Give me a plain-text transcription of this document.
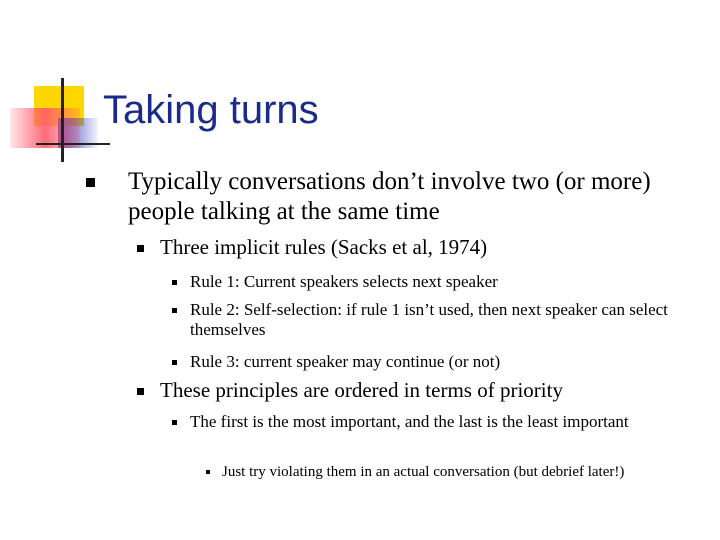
Taking turns
Typically conversations don’t involve two (or more) people talking at the same time
Three implicit rules (Sacks et al, 1974)
Rule 1: Current speakers selects next speaker
Rule 2: Self-selection: if rule 1 isn’t used, then next speaker can select themselves
Rule 3: current speaker may continue (or not)
These principles are ordered in terms of priority
The first is the most important, and the last is the least important
Just try violating them in an actual conversation (but debrief later!)
